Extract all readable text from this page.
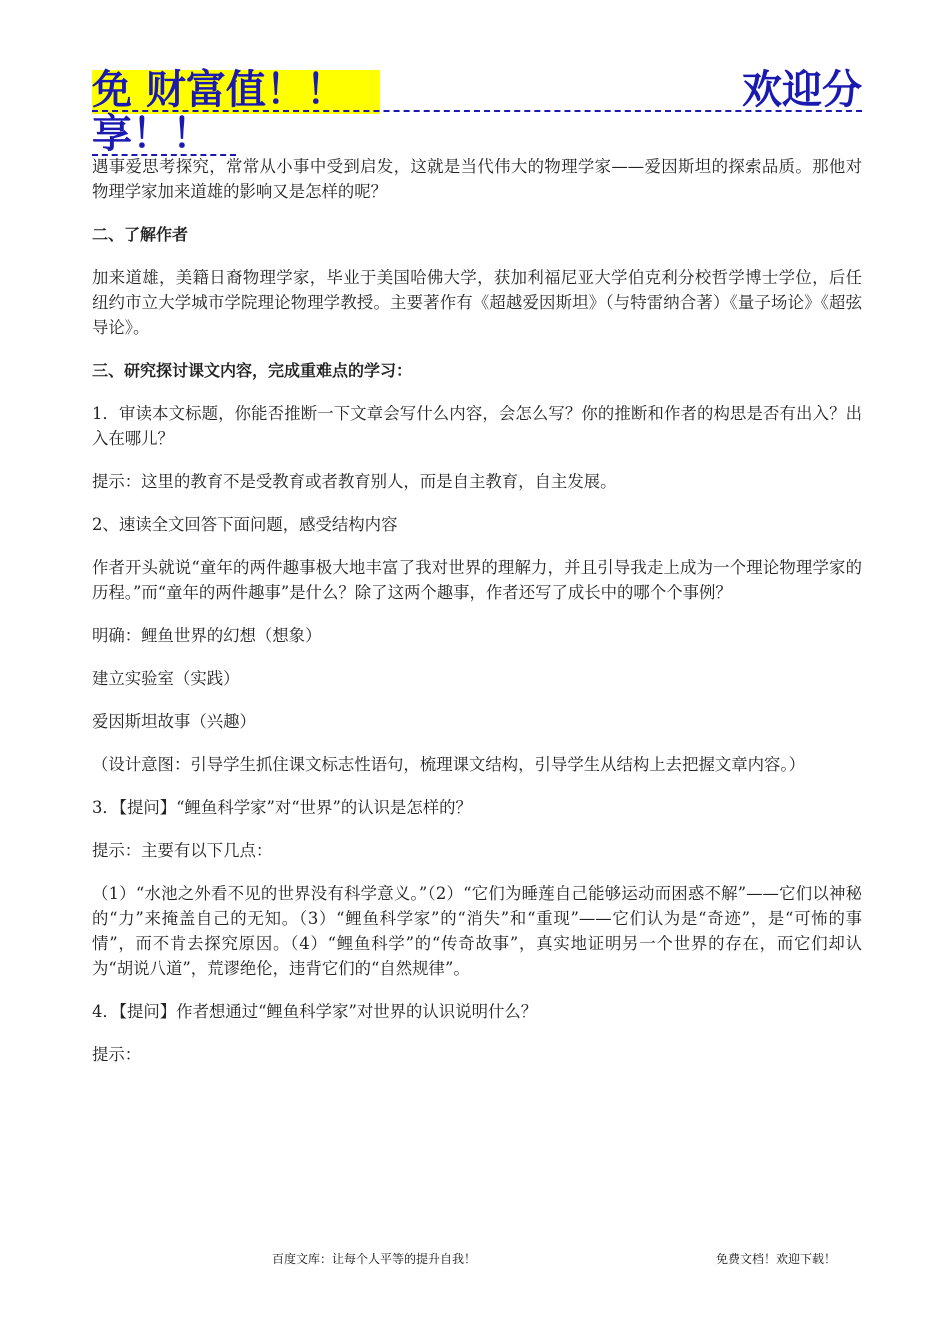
免 财富值！！	欢迎分
享！！

遇事爱思考探究，常常从小事中受到启发，这就是当代伟大的物理学家——爱因斯坦的探索品质。那他对物理学家加来道雄的影响又是怎样的呢？

二、了解作者

加来道雄，美籍日裔物理学家，毕业于美国哈佛大学，获加利福尼亚大学伯克利分校哲学博士学位，后任纽约市立大学城市学院理论物理学教授。主要著作有《超越爱因斯坦》（与特雷纳合著）《量子场论》《超弦导论》。

三、研究探讨课文内容，完成重难点的学习：

1．审读本文标题，你能否推断一下文章会写什么内容，会怎么写？你的推断和作者的构思是否有出入？出入在哪儿？

提示：这里的教育不是受教育或者教育别人，而是自主教育，自主发展。

2、速读全文回答下面问题，感受结构内容

作者开头就说“童年的两件趣事极大地丰富了我对世界的理解力，并且引导我走上成为一个理论物理学家的历程。”而“童年的两件趣事”是什么？除了这两个趣事，作者还写了成长中的哪个个事例？

明确：鲤鱼世界的幻想（想象）

建立实验室（实践）

爱因斯坦故事（兴趣）

（设计意图：引导学生抓住课文标志性语句，梳理课文结构，引导学生从结构上去把握文章内容。）

3．【提问】“鲤鱼科学家”对“世界”的认识是怎样的？

提示：主要有以下几点：

（1）“水池之外看不见的世界没有科学意义。”（2）“它们为睡莲自己能够运动而困惑不解”——它们以神秘的“力”来掩盖自己的无知。（3）“鲤鱼科学家”的“消失”和“重现”——它们认为是“奇迹”，是“可怖的事情”，而不肯去探究原因。（4）“鲤鱼科学”的“传奇故事”，真实地证明另一个世界的存在，而它们却认为“胡说八道”，荒谬绝伦，违背它们的“自然规律”。

4．【提问】作者想通过“鲤鱼科学家”对世界的认识说明什么？

提示：

百度文库：让每个人平等的提升自我！	免费文档！欢迎下载！
